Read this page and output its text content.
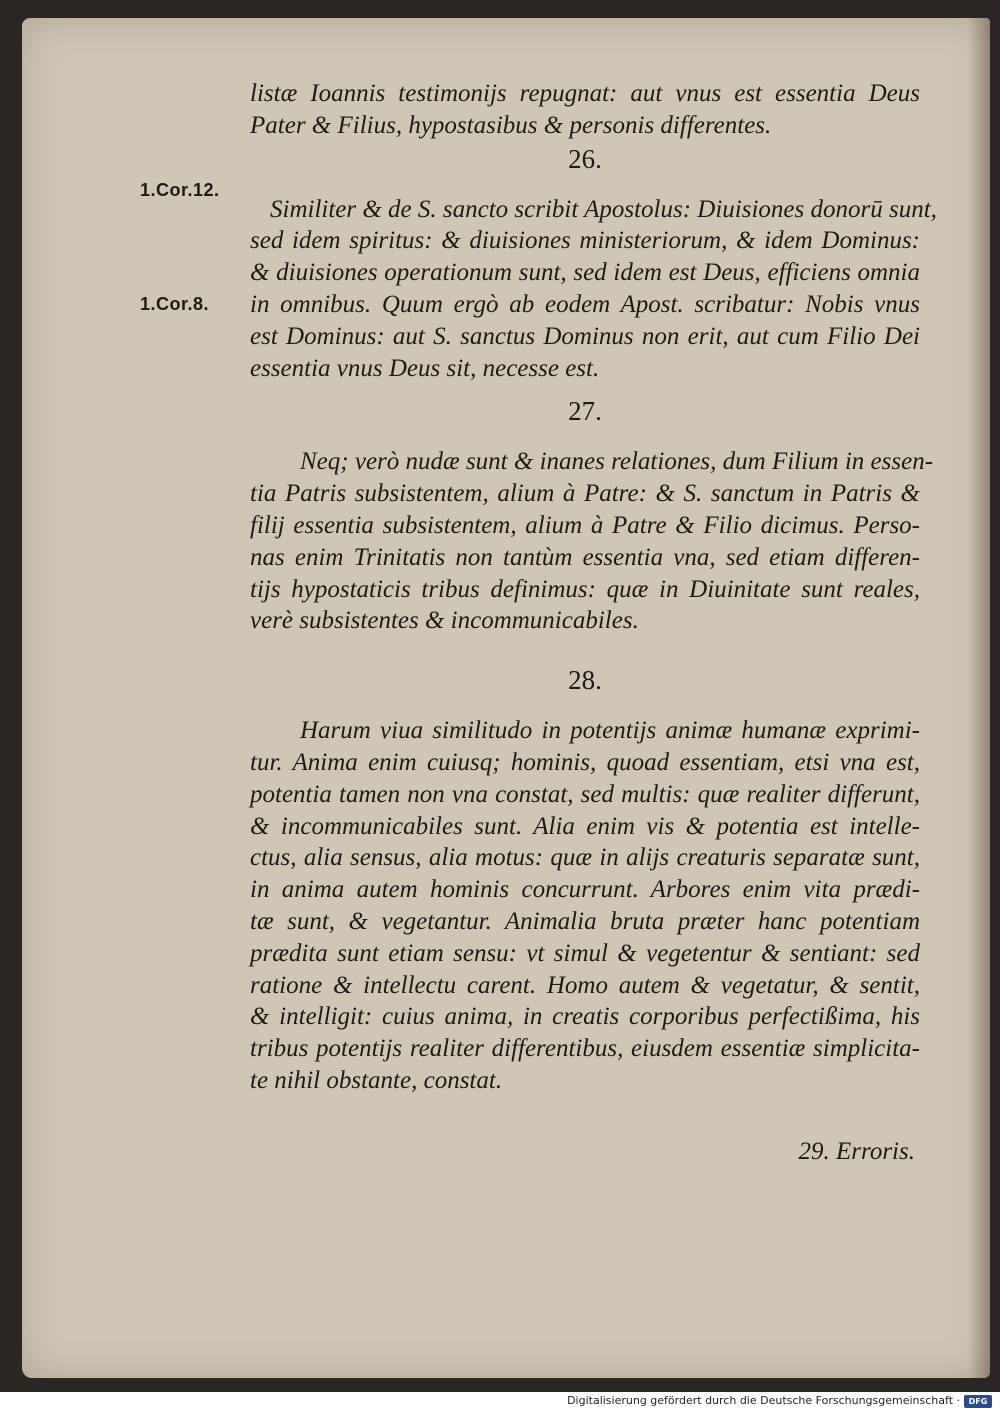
1.Cor.12.
1.Cor.8.
listæ Ioannis testimonijs repugnat: aut vnus est essentia Deus
Pater & Filius, hypostasibus & personis differentes.
26.
Similiter & de S. sancto scribit Apostolus: Diuisiones donorū sunt,
sed idem spiritus: & diuisiones ministeriorum, & idem Dominus:
& diuisiones operationum sunt, sed idem est Deus, efficiens omnia
in omnibus. Quum ergò ab eodem Apost. scribatur: Nobis vnus
est Dominus: aut S. sanctus Dominus non erit, aut cum Filio Dei
essentia vnus Deus sit, necesse est.
27.
Neq; verò nudæ sunt & inanes relationes, dum Filium in essen-
tia Patris subsistentem, alium à Patre: & S. sanctum in Patris &
filij essentia subsistentem, alium à Patre & Filio dicimus. Perso-
nas enim Trinitatis non tantùm essentia vna, sed etiam differen-
tijs hypostaticis tribus definimus: quæ in Diuinitate sunt reales,
verè subsistentes & incommunicabiles.
28.
Harum viua similitudo in potentijs animæ humanæ exprimi-
tur. Anima enim cuiusq; hominis, quoad essentiam, etsi vna est,
potentia tamen non vna constat, sed multis: quæ realiter differunt,
& incommunicabiles sunt. Alia enim vis & potentia est intelle-
ctus, alia sensus, alia motus: quæ in alijs creaturis separatæ sunt,
in anima autem hominis concurrunt. Arbores enim vita prædi-
tæ sunt, & vegetantur. Animalia bruta præter hanc potentiam
prædita sunt etiam sensu: vt simul & vegetentur & sentiant: sed
ratione & intellectu carent. Homo autem & vegetatur, & sentit,
& intelligit: cuius anima, in creatis corporibus perfectißima, his
tribus potentijs realiter differentibus, eiusdem essentiæ simplicita-
te nihil obstante, constat.
29. Erroris.
Digitalisierung gefördert durch die Deutsche Forschungsgemeinschaft ·	DFG
